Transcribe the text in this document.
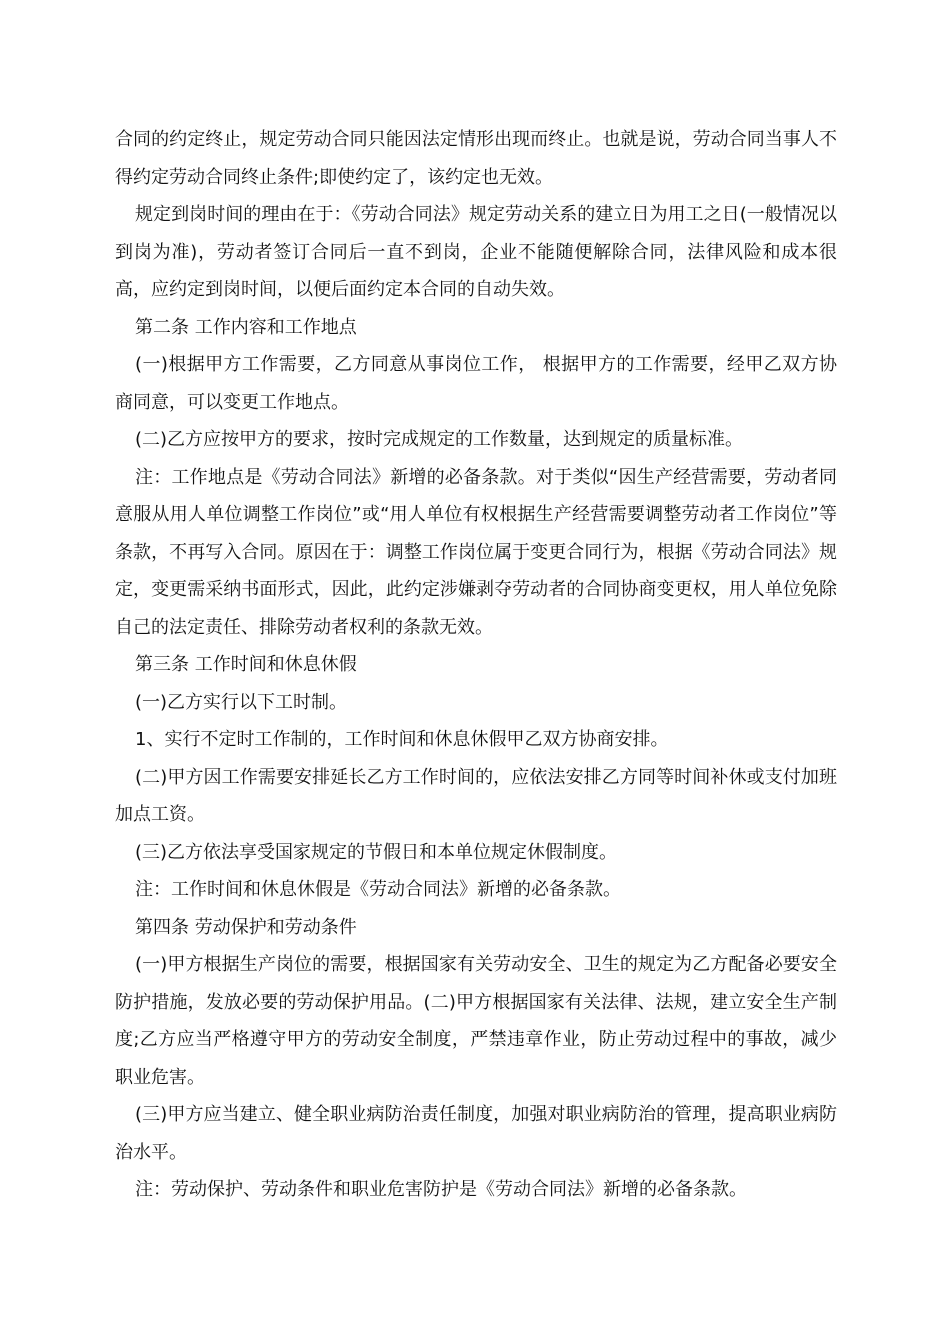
合同的约定终止，规定劳动合同只能因法定情形出现而终止。也就是说，劳动合同当事人不得约定劳动合同终止条件;即使约定了，该约定也无效。

规定到岗时间的理由在于：《劳动合同法》规定劳动关系的建立日为用工之日(一般情况以到岗为准)，劳动者签订合同后一直不到岗，企业不能随便解除合同，法律风险和成本很高，应约定到岗时间，以便后面约定本合同的自动失效。

第二条 工作内容和工作地点

(一)根据甲方工作需要，乙方同意从事岗位工作， 根据甲方的工作需要，经甲乙双方协商同意，可以变更工作地点。

(二)乙方应按甲方的要求，按时完成规定的工作数量，达到规定的质量标准。

注：工作地点是《劳动合同法》新增的必备条款。对于类似“因生产经营需要，劳动者同意服从用人单位调整工作岗位”或“用人单位有权根据生产经营需要调整劳动者工作岗位”等条款，不再写入合同。原因在于：调整工作岗位属于变更合同行为，根据《劳动合同法》规定，变更需采纳书面形式，因此，此约定涉嫌剥夺劳动者的合同协商变更权，用人单位免除自己的法定责任、排除劳动者权利的条款无效。

第三条 工作时间和休息休假

(一)乙方实行以下工时制。

1、实行不定时工作制的，工作时间和休息休假甲乙双方协商安排。

(二)甲方因工作需要安排延长乙方工作时间的，应依法安排乙方同等时间补休或支付加班加点工资。

(三)乙方依法享受国家规定的节假日和本单位规定休假制度。

注：工作时间和休息休假是《劳动合同法》新增的必备条款。

第四条 劳动保护和劳动条件

(一)甲方根据生产岗位的需要，根据国家有关劳动安全、卫生的规定为乙方配备必要安全防护措施，发放必要的劳动保护用品。(二)甲方根据国家有关法律、法规，建立安全生产制度;乙方应当严格遵守甲方的劳动安全制度，严禁违章作业，防止劳动过程中的事故，减少职业危害。

(三)甲方应当建立、健全职业病防治责任制度，加强对职业病防治的管理，提高职业病防治水平。

注：劳动保护、劳动条件和职业危害防护是《劳动合同法》新增的必备条款。
